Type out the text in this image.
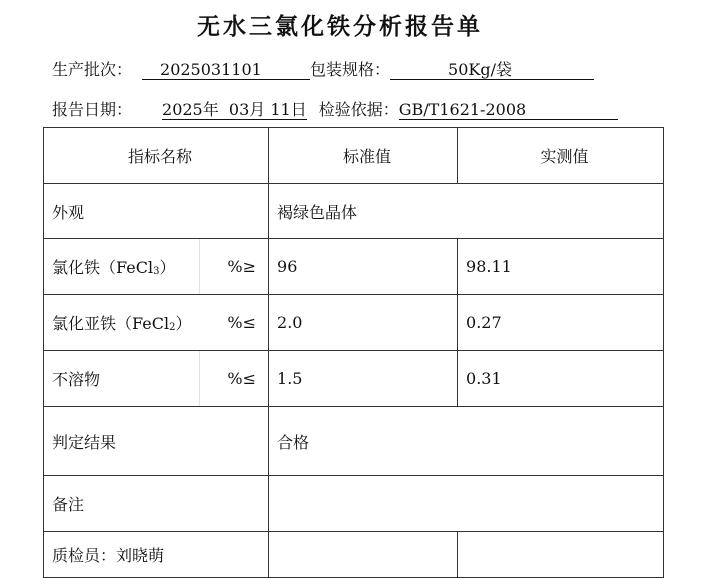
无水三氯化铁分析报告单
生产批次： 2025031101	包装规格：	50Kg/袋
报告日期： 2025年  03月 11日 检验依据：GB/T1621-2008
指标名称		标准值	实测值
外观		褐绿色晶体	
氯化铁（FeCl3）	%≥	96	98.11
氯化亚铁（FeCl2）	%≤	2.0	0.27
不溶物	%≤	1.5	0.31
判定结果		合格	
备注			
质检员：刘晓萌			
